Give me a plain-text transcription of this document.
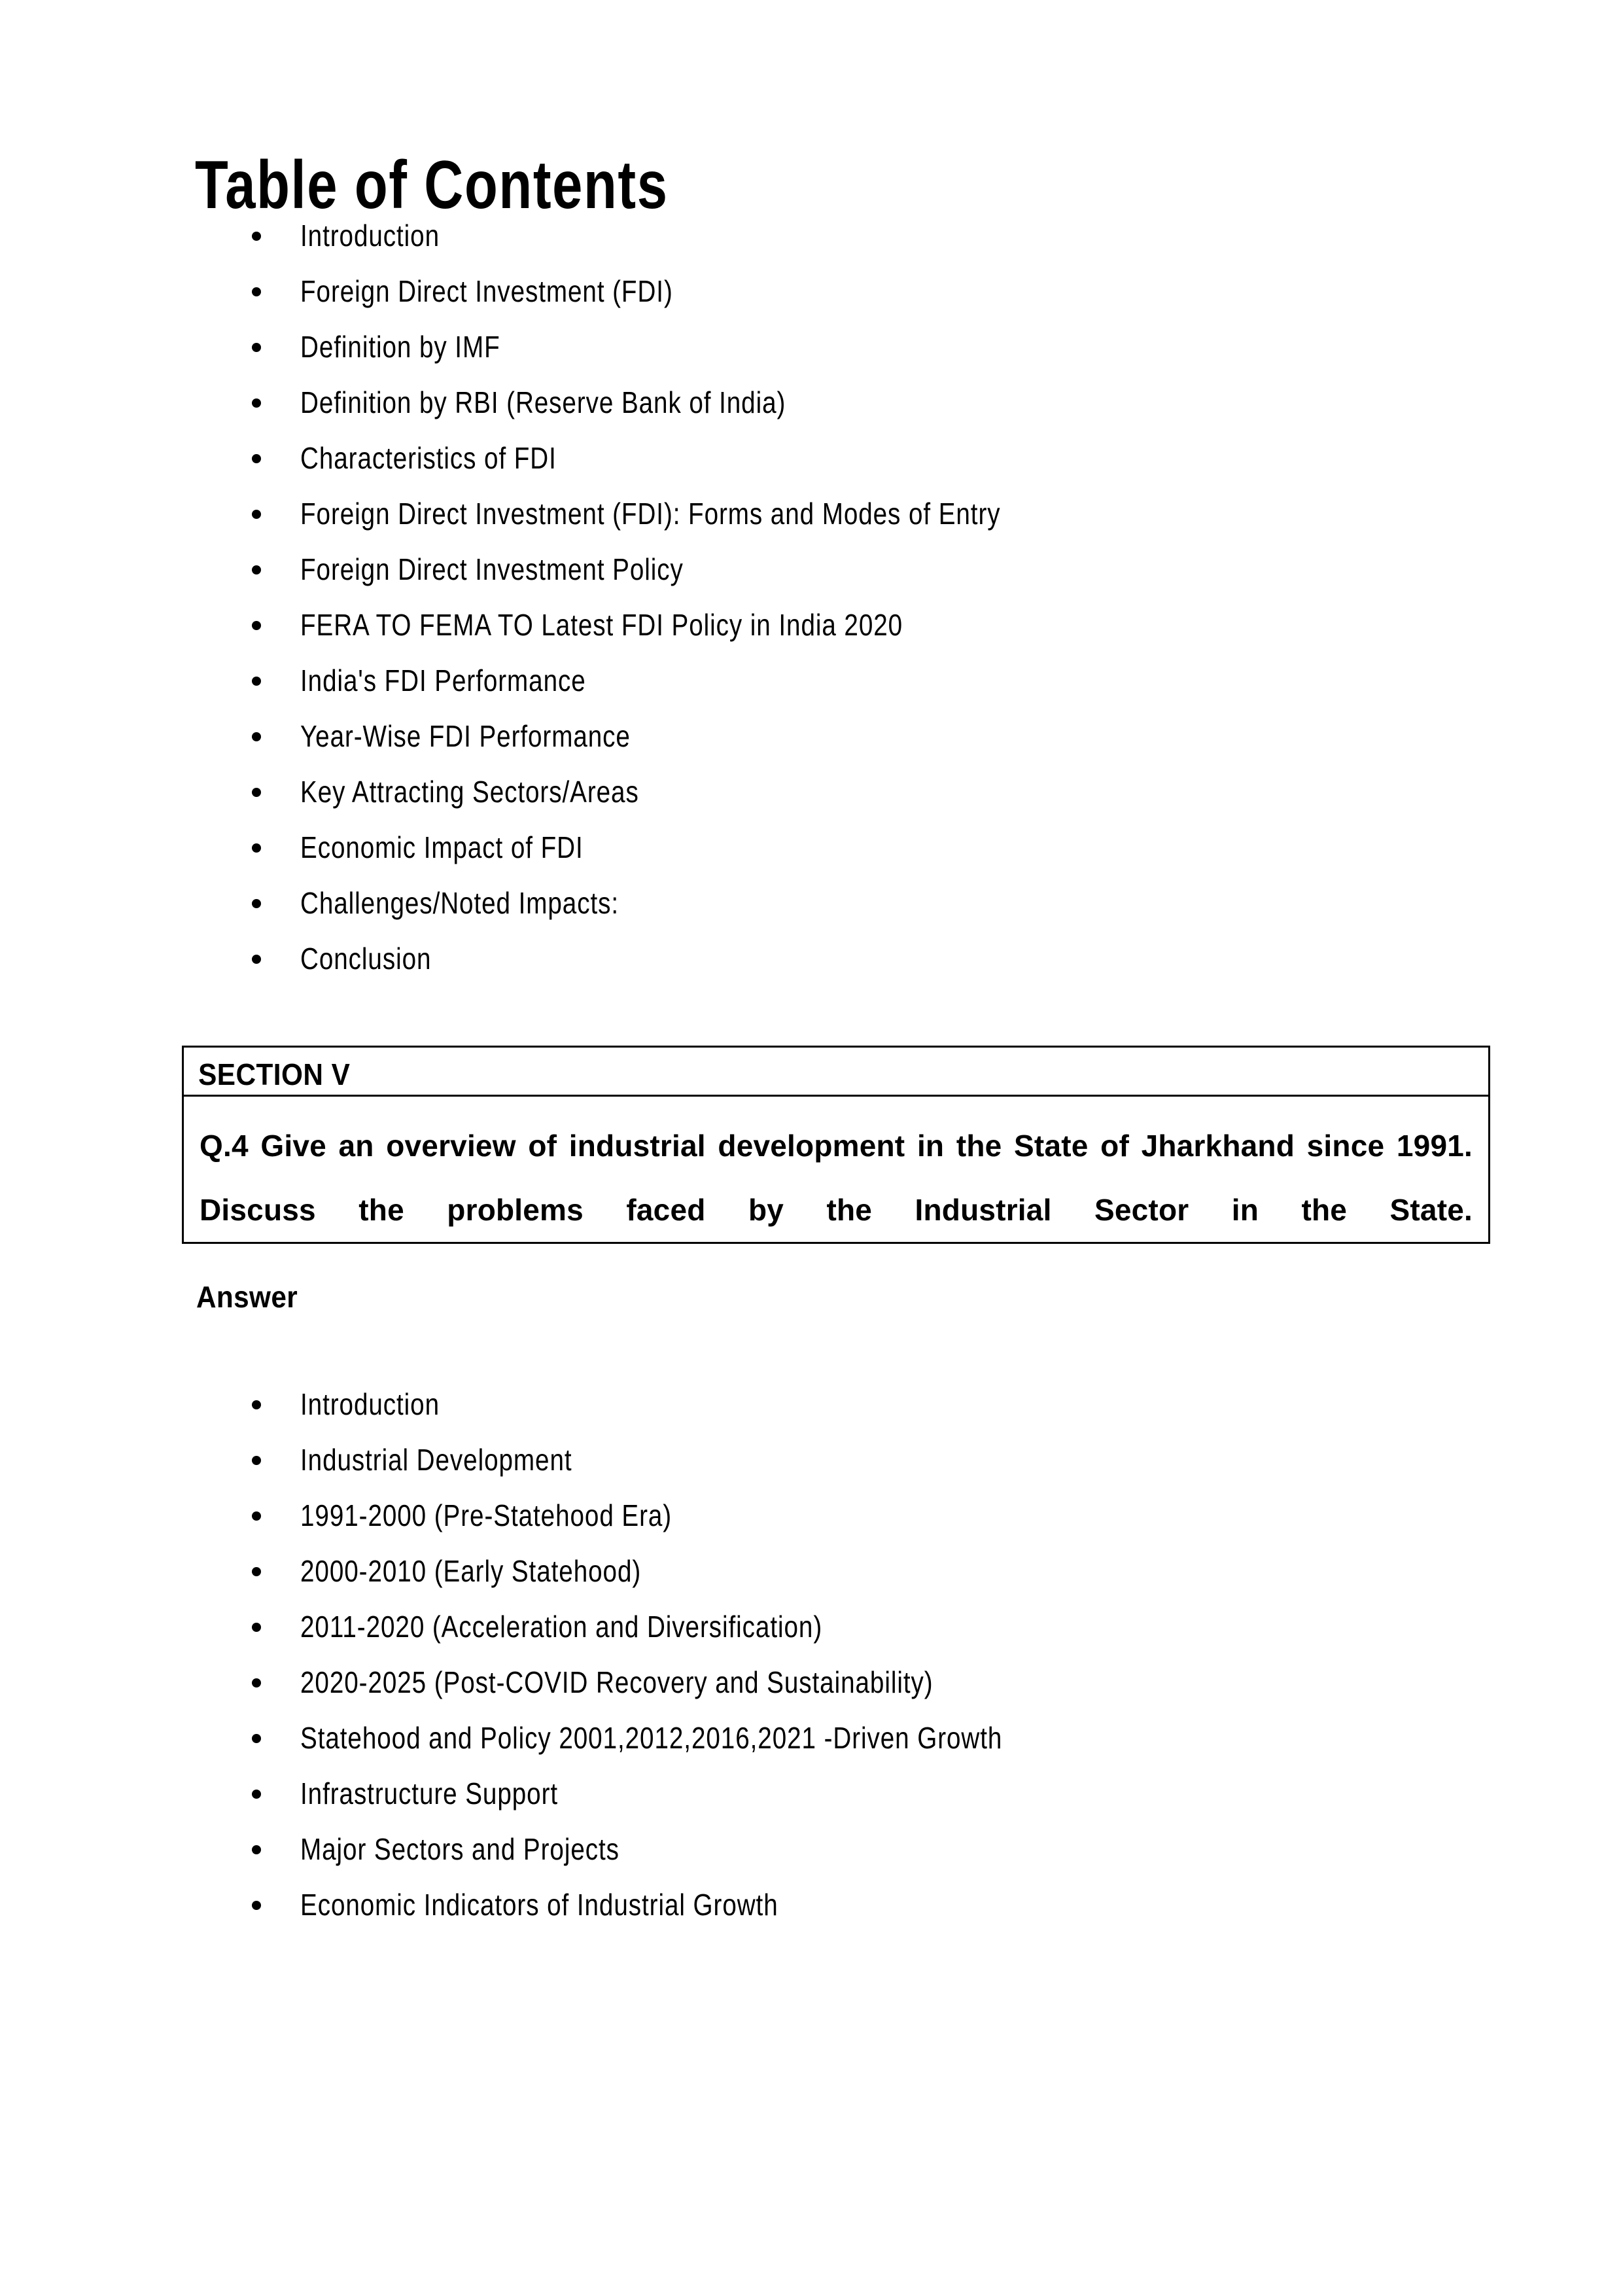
Table of Contents
Introduction
Foreign Direct Investment (FDI)
Definition by IMF
Definition by RBI (Reserve Bank of India)
Characteristics of FDI
Foreign Direct Investment (FDI): Forms and Modes of Entry
Foreign Direct Investment Policy
FERA TO FEMA TO Latest FDI Policy in India 2020
India's FDI Performance
Year-Wise FDI Performance
Key Attracting Sectors/Areas
Economic Impact of FDI
Challenges/Noted Impacts:
Conclusion
SECTION V

Q.4 Give an overview of industrial development in the State of Jharkhand since 1991. Discuss the problems faced by the Industrial Sector in the State.
Answer
Introduction
Industrial Development
1991-2000 (Pre-Statehood Era)
2000-2010 (Early Statehood)
2011-2020 (Acceleration and Diversification)
2020-2025 (Post-COVID Recovery and Sustainability)
Statehood and Policy 2001,2012,2016,2021 -Driven Growth
Infrastructure Support
Major Sectors and Projects
Economic Indicators of Industrial Growth
